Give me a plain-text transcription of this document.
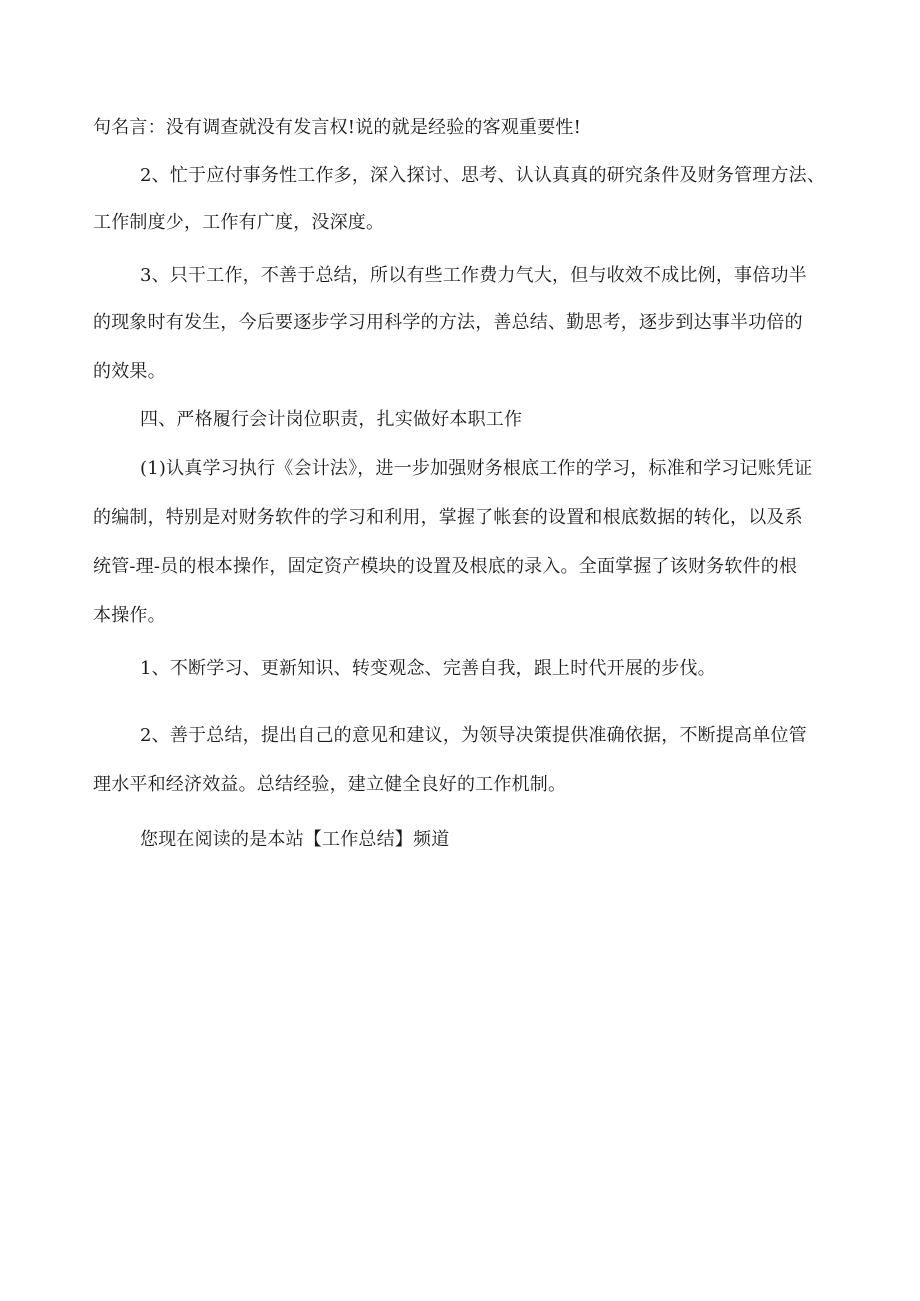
句名言：没有调查就没有发言权!说的就是经验的客观重要性!
2、忙于应付事务性工作多，深入探讨、思考、认认真真的研究条件及财务管理方法、
工作制度少，工作有广度，没深度。
3、只干工作，不善于总结，所以有些工作费力气大，但与收效不成比例，事倍功半
的现象时有发生，今后要逐步学习用科学的方法，善总结、勤思考，逐步到达事半功倍的
的效果。
四、严格履行会计岗位职责，扎实做好本职工作
(1)认真学习执行《会计法》，进一步加强财务根底工作的学习，标准和学习记账凭证
的编制，特别是对财务软件的学习和利用，掌握了帐套的设置和根底数据的转化，以及系
统管-理-员的根本操作，固定资产模块的设置及根底的录入。全面掌握了该财务软件的根
本操作。
1、不断学习、更新知识、转变观念、完善自我，跟上时代开展的步伐。
2、善于总结，提出自己的意见和建议，为领导决策提供准确依据，不断提高单位管
理水平和经济效益。总结经验，建立健全良好的工作机制。
您现在阅读的是本站【工作总结】频道
